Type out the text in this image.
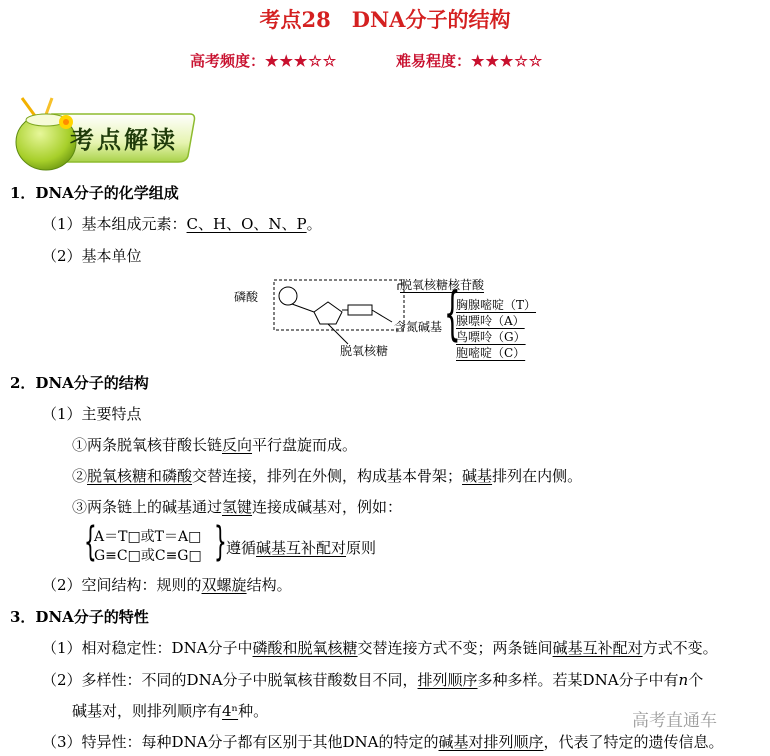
考点28　DNA分子的结构
高考频度：★★★☆☆	难易程度：★★★☆☆
考点解读
1．DNA分子的化学组成
（1）基本组成元素：C、H、O、N、P。
（2）基本单位
磷酸
脱氧核糖核苷酸
脱氧核糖
含氮碱基 {
胸腺嘧啶（T）
腺嘌呤（A）
鸟嘌呤（G）
胞嘧啶（C）
2．DNA分子的结构
（1）主要特点
①两条脱氧核苷酸长链反向平行盘旋而成。
②脱氧核糖和磷酸交替连接，排列在外侧，构成基本骨架；碱基排列在内侧。
③两条链上的碱基通过氢键连接成碱基对，例如：
{
A＝T□或T＝A□
G≡C□或C≡G□ } 遵循碱基互补配对原则
（2）空间结构：规则的双螺旋结构。
3．DNA分子的特性
（1）相对稳定性：DNA分子中磷酸和脱氧核糖交替连接方式不变；两条链间碱基互补配对方式不变。
（2）多样性：不同的DNA分子中脱氧核苷酸数目不同，排列顺序多种多样。若某DNA分子中有n个
碱基对，则排列顺序有4ⁿ种。
（3）特异性：每种DNA分子都有区别于其他DNA的特定的碱基对排列顺序，代表了特定的遗传信息。
高考直通车
